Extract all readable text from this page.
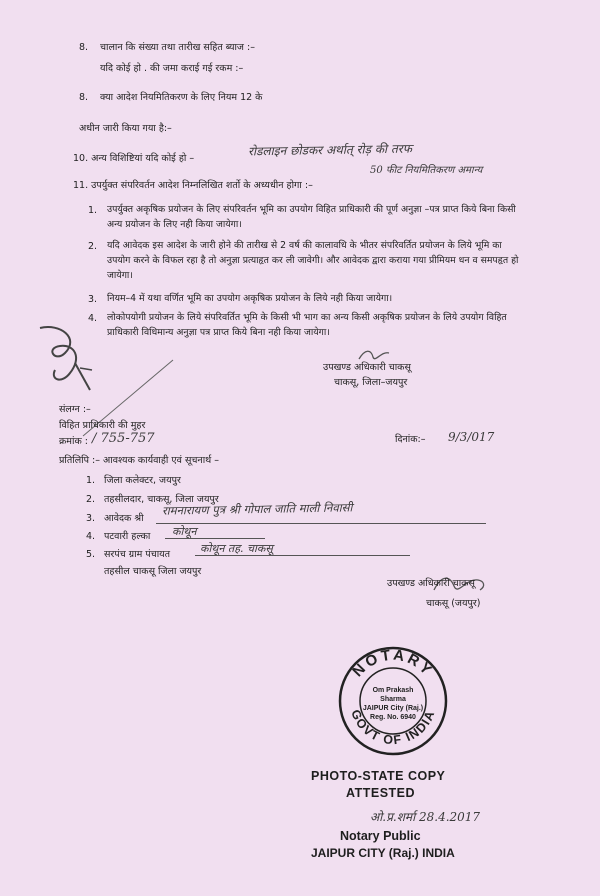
8. चालान कि संख्या तथा तारीख सहित ब्याज :–
यदि कोई हो . की जमा कराई गई रकम :–
8. क्या आदेश नियमितिकरण के लिए नियम 12 के
अधीन जारी किया गया है:–
10. अन्य विशिष्टियां यदि कोई हो –
रोडलाइन छोडकर अर्थात् रोड़ की तरफ
50 फीट नियमितिकरण अमान्य
11. उपर्युक्त संपरिवर्तन आदेश निम्नलिखित शर्तो के अध्यधीन होगा :–
1. उपर्युक्त अकृषिक प्रयोजन के लिए संपरिवर्तन भूमि का उपयोग विहित प्राधिकारी की पूर्ण अनुज्ञा –पत्र प्राप्त किये बिना किसी अन्य प्रयोजन के लिए नही किया जायेगा।
2. यदि आवेदक इस आदेश के जारी होने की तारीख से 2 वर्ष की कालावधि के भीतर संपरिवर्तित प्रयोजन के लिये भूमि का उपयोग करने के विफल रहा है तो अनुज्ञा प्रत्याहृत कर ली जावेगी। और आवेदक द्वारा कराया गया प्रीमियम धन व समपहृत हो जायेगा।
3. नियम–4 में यथा वर्णित भूमि का उपयोग अकृषिक प्रयोजन के लिये नही किया जायेगा।
4. लोकोपयोगी प्रयोजन के लिये संपरिवर्तित भूमि के किसी भी भाग का अन्य किसी अकृषिक प्रयोजन के लिये उपयोग विहित प्राधिकारी विधिमान्य अनुज्ञा पत्र प्राप्त किये बिना नही किया जायेगा।
उपखण्ड अधिकारी चाकसू
चाकसू, जिला–जयपुर
संलग्न :–
विहित प्राधिकारी की मुहर
क्रमांक : / 755-757	दिनांक:– 9/3/017
प्रतिलिपि :– आवश्यक कार्यवाही एवं सूचनार्थ –
1. जिला कलेक्टर, जयपुर
2. तहसीलदार, चाकसू, जिला जयपुर
3. आवेदक श्री
रामनारायण पुत्र श्री गोपाल जाति माली निवासी
4. पटवारी हल्का कोथून
5. सरपंच ग्राम पंचायत	कोथून तह. चाकसू
तहसील चाकसू जिला जयपुर
उपखण्ड अधिकारी चाकसू
चाकसू (जयपुर)
NOTARY
GOVT OF INDIA
Om Prakash Sharma
JAIPUR City (Raj.)
Reg. No. 6940
PHOTO-STATE COPY
ATTESTED
ओ.प्र.शर्मा 28.4.2017
Notary Public
JAIPUR CITY (Raj.) INDIA
